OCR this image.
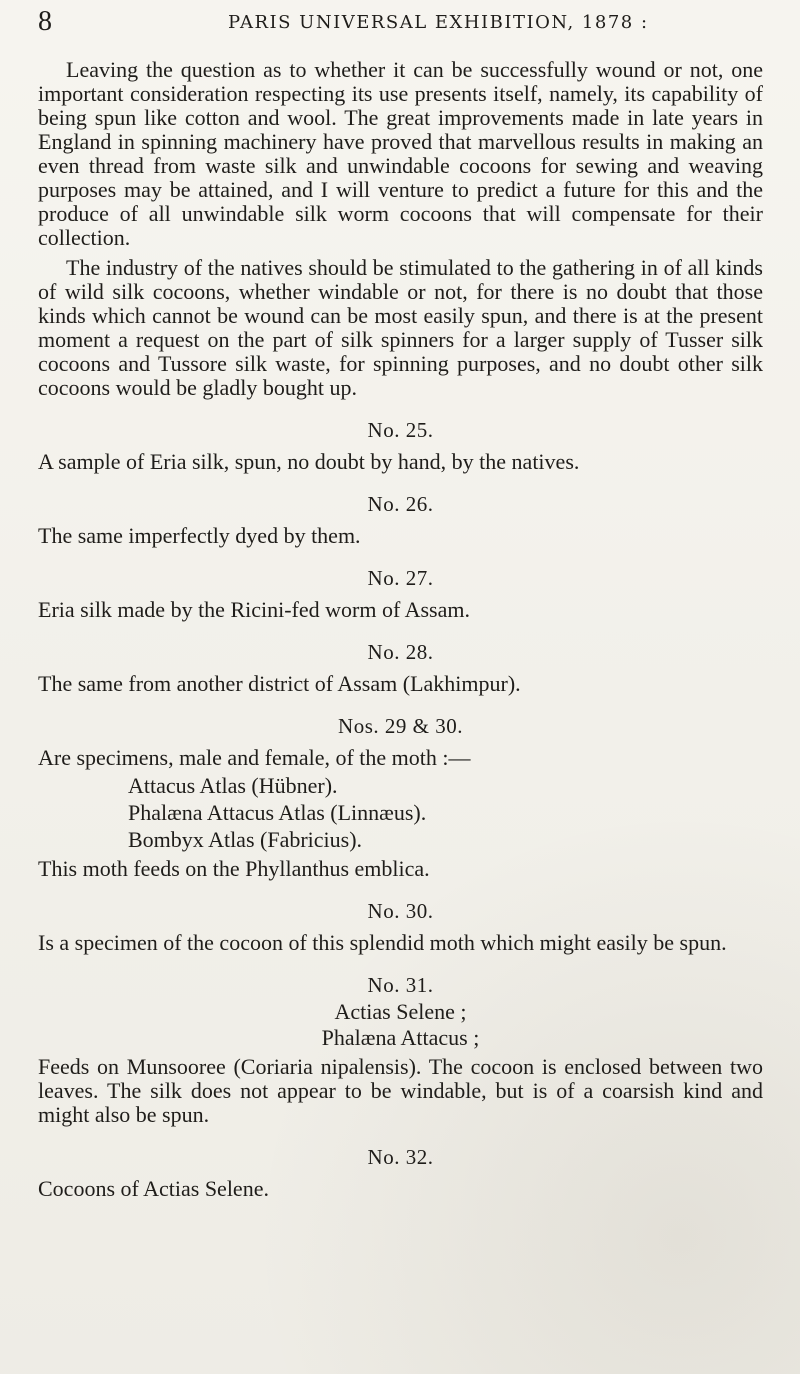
8	PARIS UNIVERSAL EXHIBITION, 1878 :

Leaving the question as to whether it can be successfully wound or not, one important consideration respecting its use presents itself, namely, its capability of being spun like cotton and wool. The great improvements made in late years in England in spinning machinery have proved that marvellous results in making an even thread from waste silk and unwindable cocoons for sewing and weaving purposes may be attained, and I will venture to predict a future for this and the produce of all unwindable silk worm cocoons that will compensate for their collection.

The industry of the natives should be stimulated to the gathering in of all kinds of wild silk cocoons, whether windable or not, for there is no doubt that those kinds which cannot be wound can be most easily spun, and there is at the present moment a request on the part of silk spinners for a larger supply of Tusser silk cocoons and Tussore silk waste, for spinning purposes, and no doubt other silk cocoons would be gladly bought up.

No. 25.

A sample of Eria silk, spun, no doubt by hand, by the natives.

No. 26.

The same imperfectly dyed by them.

No. 27.

Eria silk made by the Ricini-fed worm of Assam.

No. 28.

The same from another district of Assam (Lakhimpur).

Nos. 29 & 30.

Are specimens, male and female, of the moth :—

Attacus Atlas (Hübner).
Phalæna Attacus Atlas (Linnæus).
Bombyx Atlas (Fabricius).

This moth feeds on the Phyllanthus emblica.

No. 30.

Is a specimen of the cocoon of this splendid moth which might easily be spun.

No. 31.
Actias Selene ;
Phalæna Attacus ;

Feeds on Munsooree (Coriaria nipalensis). The cocoon is enclosed between two leaves. The silk does not appear to be windable, but is of a coarsish kind and might also be spun.

No. 32.

Cocoons of Actias Selene.
